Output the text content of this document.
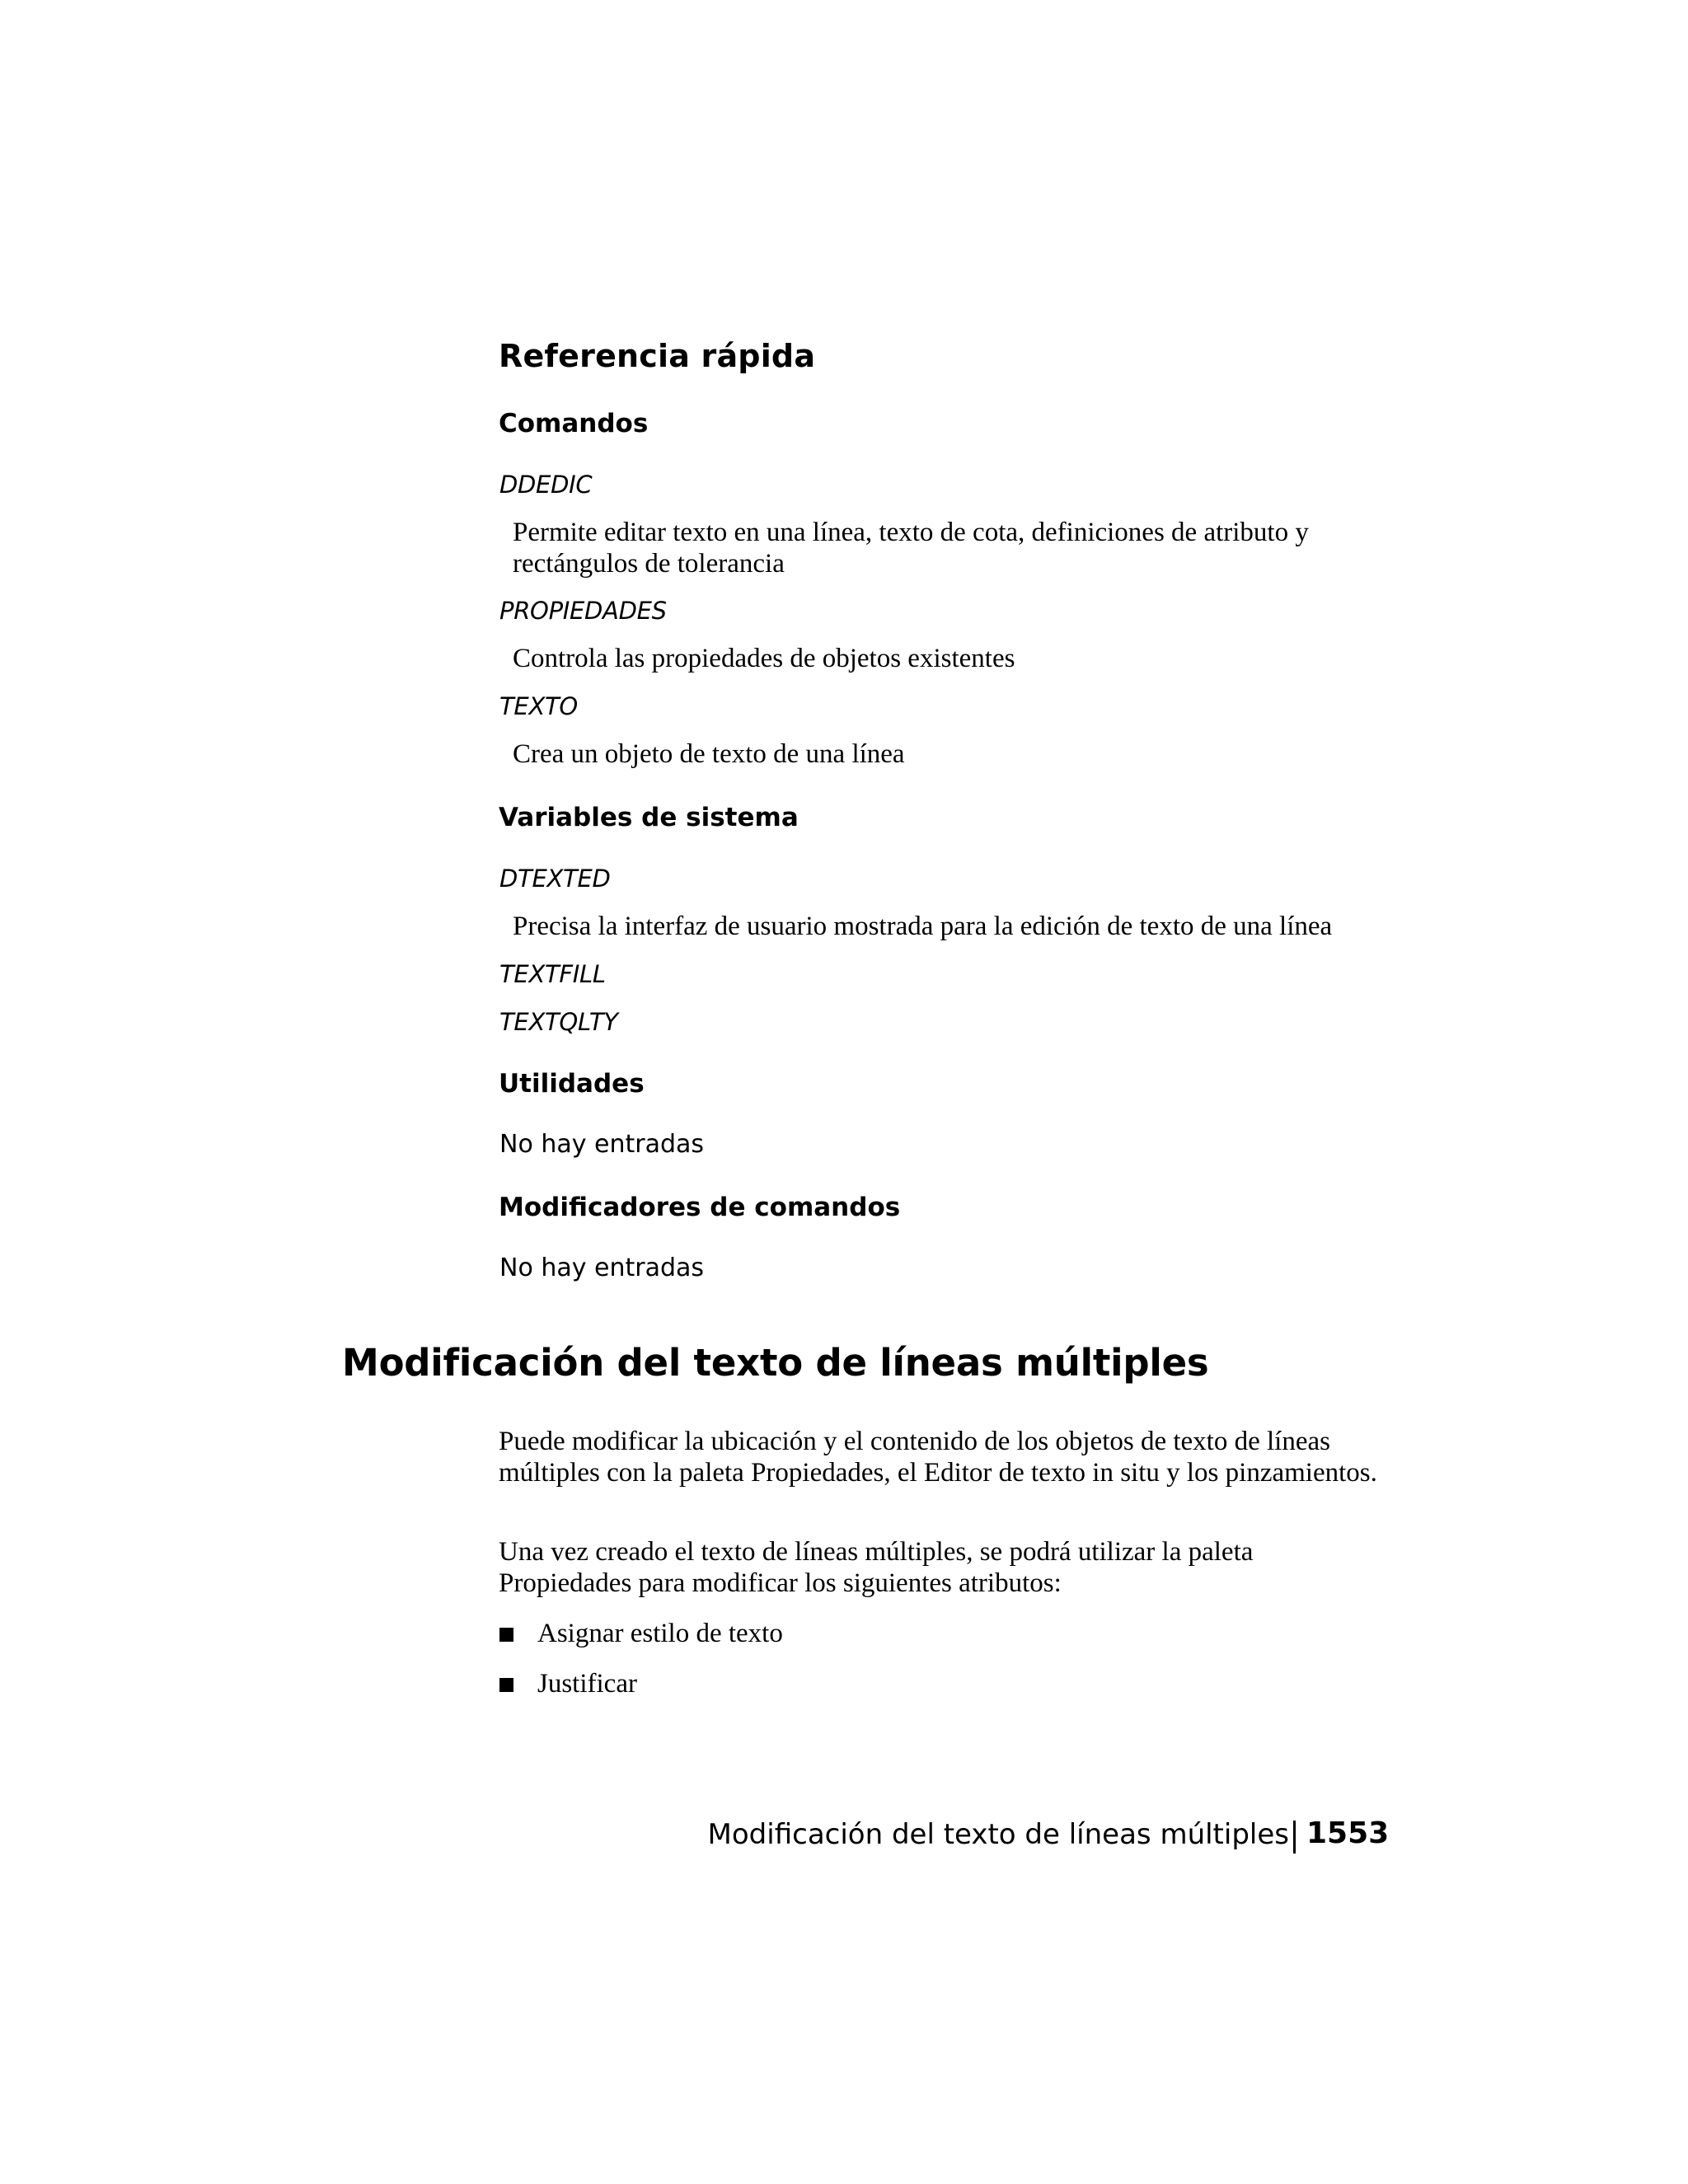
Referencia rápida
Comandos
DDEDIC
Permite editar texto en una línea, texto de cota, definiciones de atributo y rectángulos de tolerancia
PROPIEDADES
Controla las propiedades de objetos existentes
TEXTO
Crea un objeto de texto de una línea
Variables de sistema
DTEXTED
Precisa la interfaz de usuario mostrada para la edición de texto de una línea
TEXTFILL
TEXTQLTY
Utilidades
No hay entradas
Modificadores de comandos
No hay entradas
Modificación del texto de líneas múltiples
Puede modificar la ubicación y el contenido de los objetos de texto de líneas múltiples con la paleta Propiedades, el Editor de texto in situ y los pinzamientos.
Una vez creado el texto de líneas múltiples, se podrá utilizar la paleta Propiedades para modificar los siguientes atributos:
Asignar estilo de texto
Justificar
Modificación del texto de líneas múltiples 1553
